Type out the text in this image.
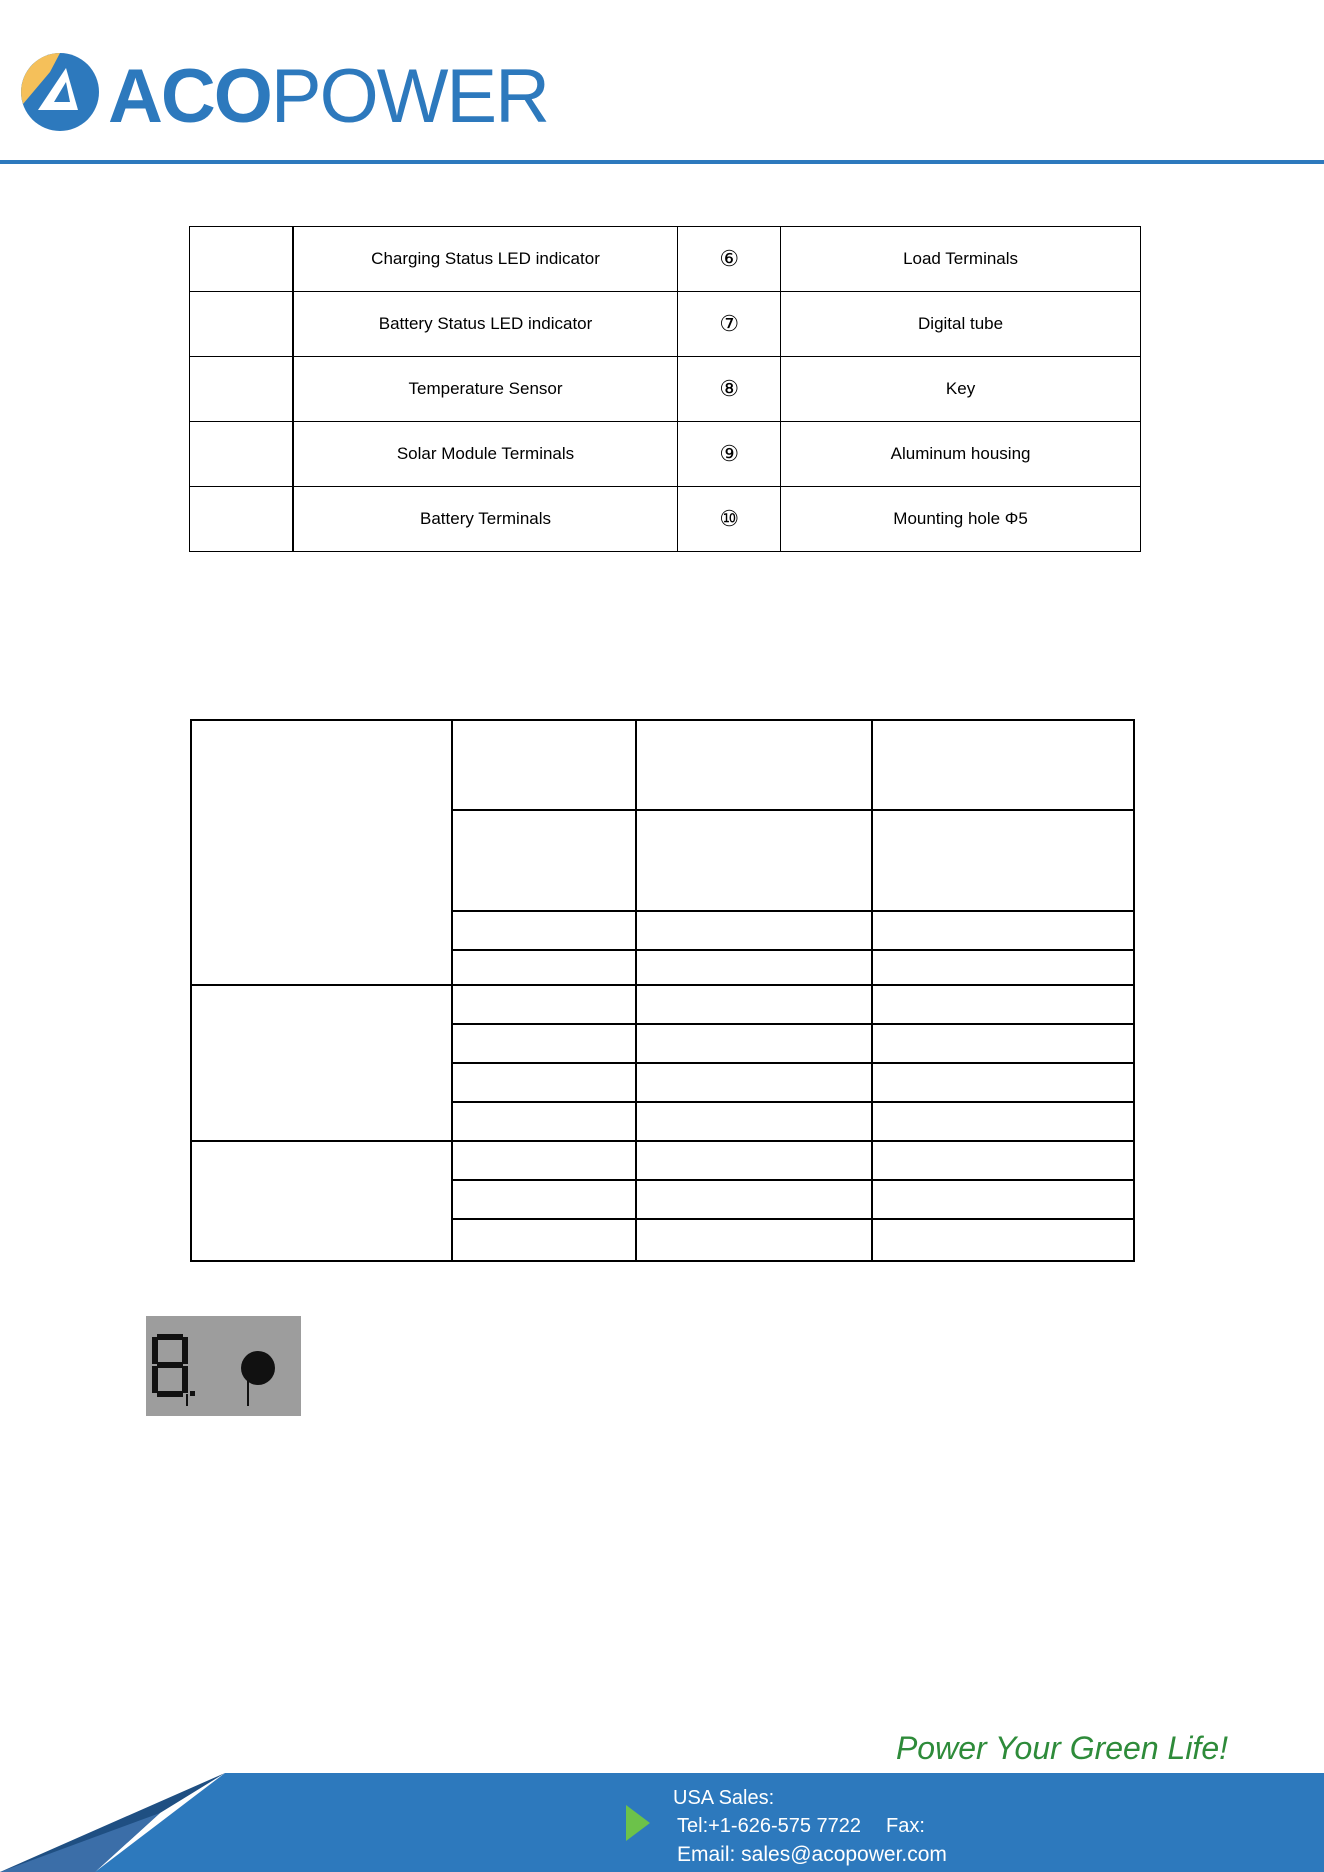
ACOPOWER
	Charging Status LED indicator	⑥	Load Terminals
	Battery Status LED indicator	⑦	Digital tube
	Temperature Sensor	⑧	Key
	Solar Module Terminals	⑨	Aluminum housing
	Battery Terminals	⑩	Mounting hole Φ5

Power Your Green Life!
USA Sales:
Tel:+1-626-575 7722 Fax:
Email: sales@acopower.com
